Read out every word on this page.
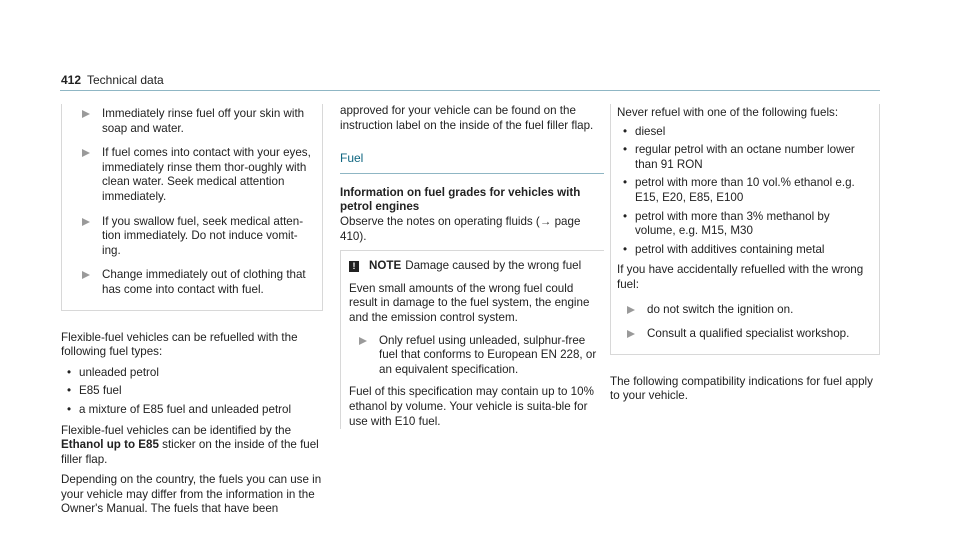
412 Technical data
Immediately rinse fuel off your skin with soap and water.
If fuel comes into contact with your eyes, immediately rinse them thor-oughly with clean water. Seek medical attention immediately.
If you swallow fuel, seek medical atten-tion immediately. Do not induce vomit-ing.
Change immediately out of clothing that has come into contact with fuel.

Flexible-fuel vehicles can be refuelled with the following fuel types:

• unleaded petrol
• E85 fuel
• a mixture of E85 fuel and unleaded petrol

Flexible-fuel vehicles can be identified by the Ethanol up to E85 sticker on the inside of the fuel filler flap.

Depending on the country, the fuels you can use in your vehicle may differ from the information in the Owner's Manual. The fuels that have been

approved for your vehicle can be found on the instruction label on the inside of the fuel filler flap.

Fuel

Information on fuel grades for vehicles with petrol engines

Observe the notes on operating fluids (→ page 410).

!	NOTE Damage caused by the wrong fuel

Even small amounts of the wrong fuel could result in damage to the fuel system, the engine and the emission control system.

Only refuel using unleaded, sulphur-free fuel that conforms to European EN 228, or an equivalent specification.

Fuel of this specification may contain up to 10% ethanol by volume. Your vehicle is suita-ble for use with E10 fuel.

Never refuel with one of the following fuels:

• diesel
• regular petrol with an octane number lower than 91 RON
• petrol with more than 10 vol.% ethanol e.g. E15, E20, E85, E100
• petrol with more than 3% methanol by volume, e.g. M15, M30
• petrol with additives containing metal

If you have accidentally refuelled with the wrong fuel:

do not switch the ignition on.
Consult a qualified specialist workshop.

The following compatibility indications for fuel apply to your vehicle.
